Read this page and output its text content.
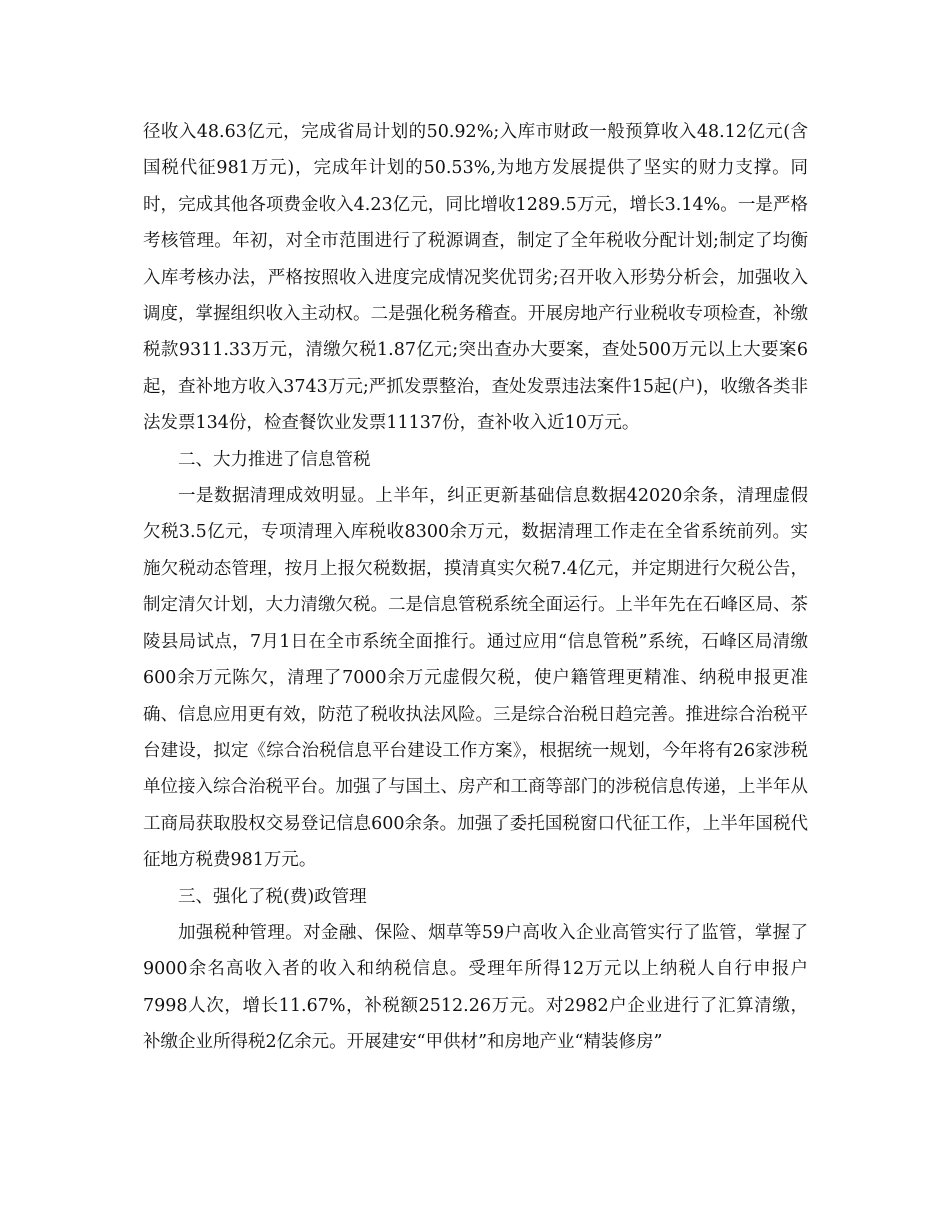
径收入48.63亿元，完成省局计划的50.92%;入库市财政一般预算收入48.12亿元(含国税代征981万元)，完成年计划的50.53%,为地方发展提供了坚实的财力支撑。同时，完成其他各项费金收入4.23亿元，同比增收1289.5万元，增长3.14%。一是严格考核管理。年初，对全市范围进行了税源调查，制定了全年税收分配计划;制定了均衡入库考核办法，严格按照收入进度完成情况奖优罚劣;召开收入形势分析会，加强收入调度，掌握组织收入主动权。二是强化税务稽查。开展房地产行业税收专项检查，补缴税款9311.33万元，清缴欠税1.87亿元;突出查办大要案，查处500万元以上大要案6起，查补地方收入3743万元;严抓发票整治，查处发票违法案件15起(户)，收缴各类非法发票134份，检查餐饮业发票11137份，查补收入近10万元。

二、大力推进了信息管税

一是数据清理成效明显。上半年，纠正更新基础信息数据42020余条，清理虚假欠税3.5亿元，专项清理入库税收8300余万元，数据清理工作走在全省系统前列。实施欠税动态管理，按月上报欠税数据，摸清真实欠税7.4亿元，并定期进行欠税公告，制定清欠计划，大力清缴欠税。二是信息管税系统全面运行。上半年先在石峰区局、茶陵县局试点，7月1日在全市系统全面推行。通过应用“信息管税”系统，石峰区局清缴600余万元陈欠，清理了7000余万元虚假欠税，使户籍管理更精准、纳税申报更准确、信息应用更有效，防范了税收执法风险。三是综合治税日趋完善。推进综合治税平台建设，拟定《综合治税信息平台建设工作方案》，根据统一规划，今年将有26家涉税单位接入综合治税平台。加强了与国土、房产和工商等部门的涉税信息传递，上半年从工商局获取股权交易登记信息600余条。加强了委托国税窗口代征工作，上半年国税代征地方税费981万元。

三、强化了税(费)政管理

加强税种管理。对金融、保险、烟草等59户高收入企业高管实行了监管，掌握了9000余名高收入者的收入和纳税信息。受理年所得12万元以上纳税人自行申报户7998人次，增长11.67%，补税额2512.26万元。对2982户企业进行了汇算清缴，补缴企业所得税2亿余元。开展建安“甲供材”和房地产业“精装修房”
